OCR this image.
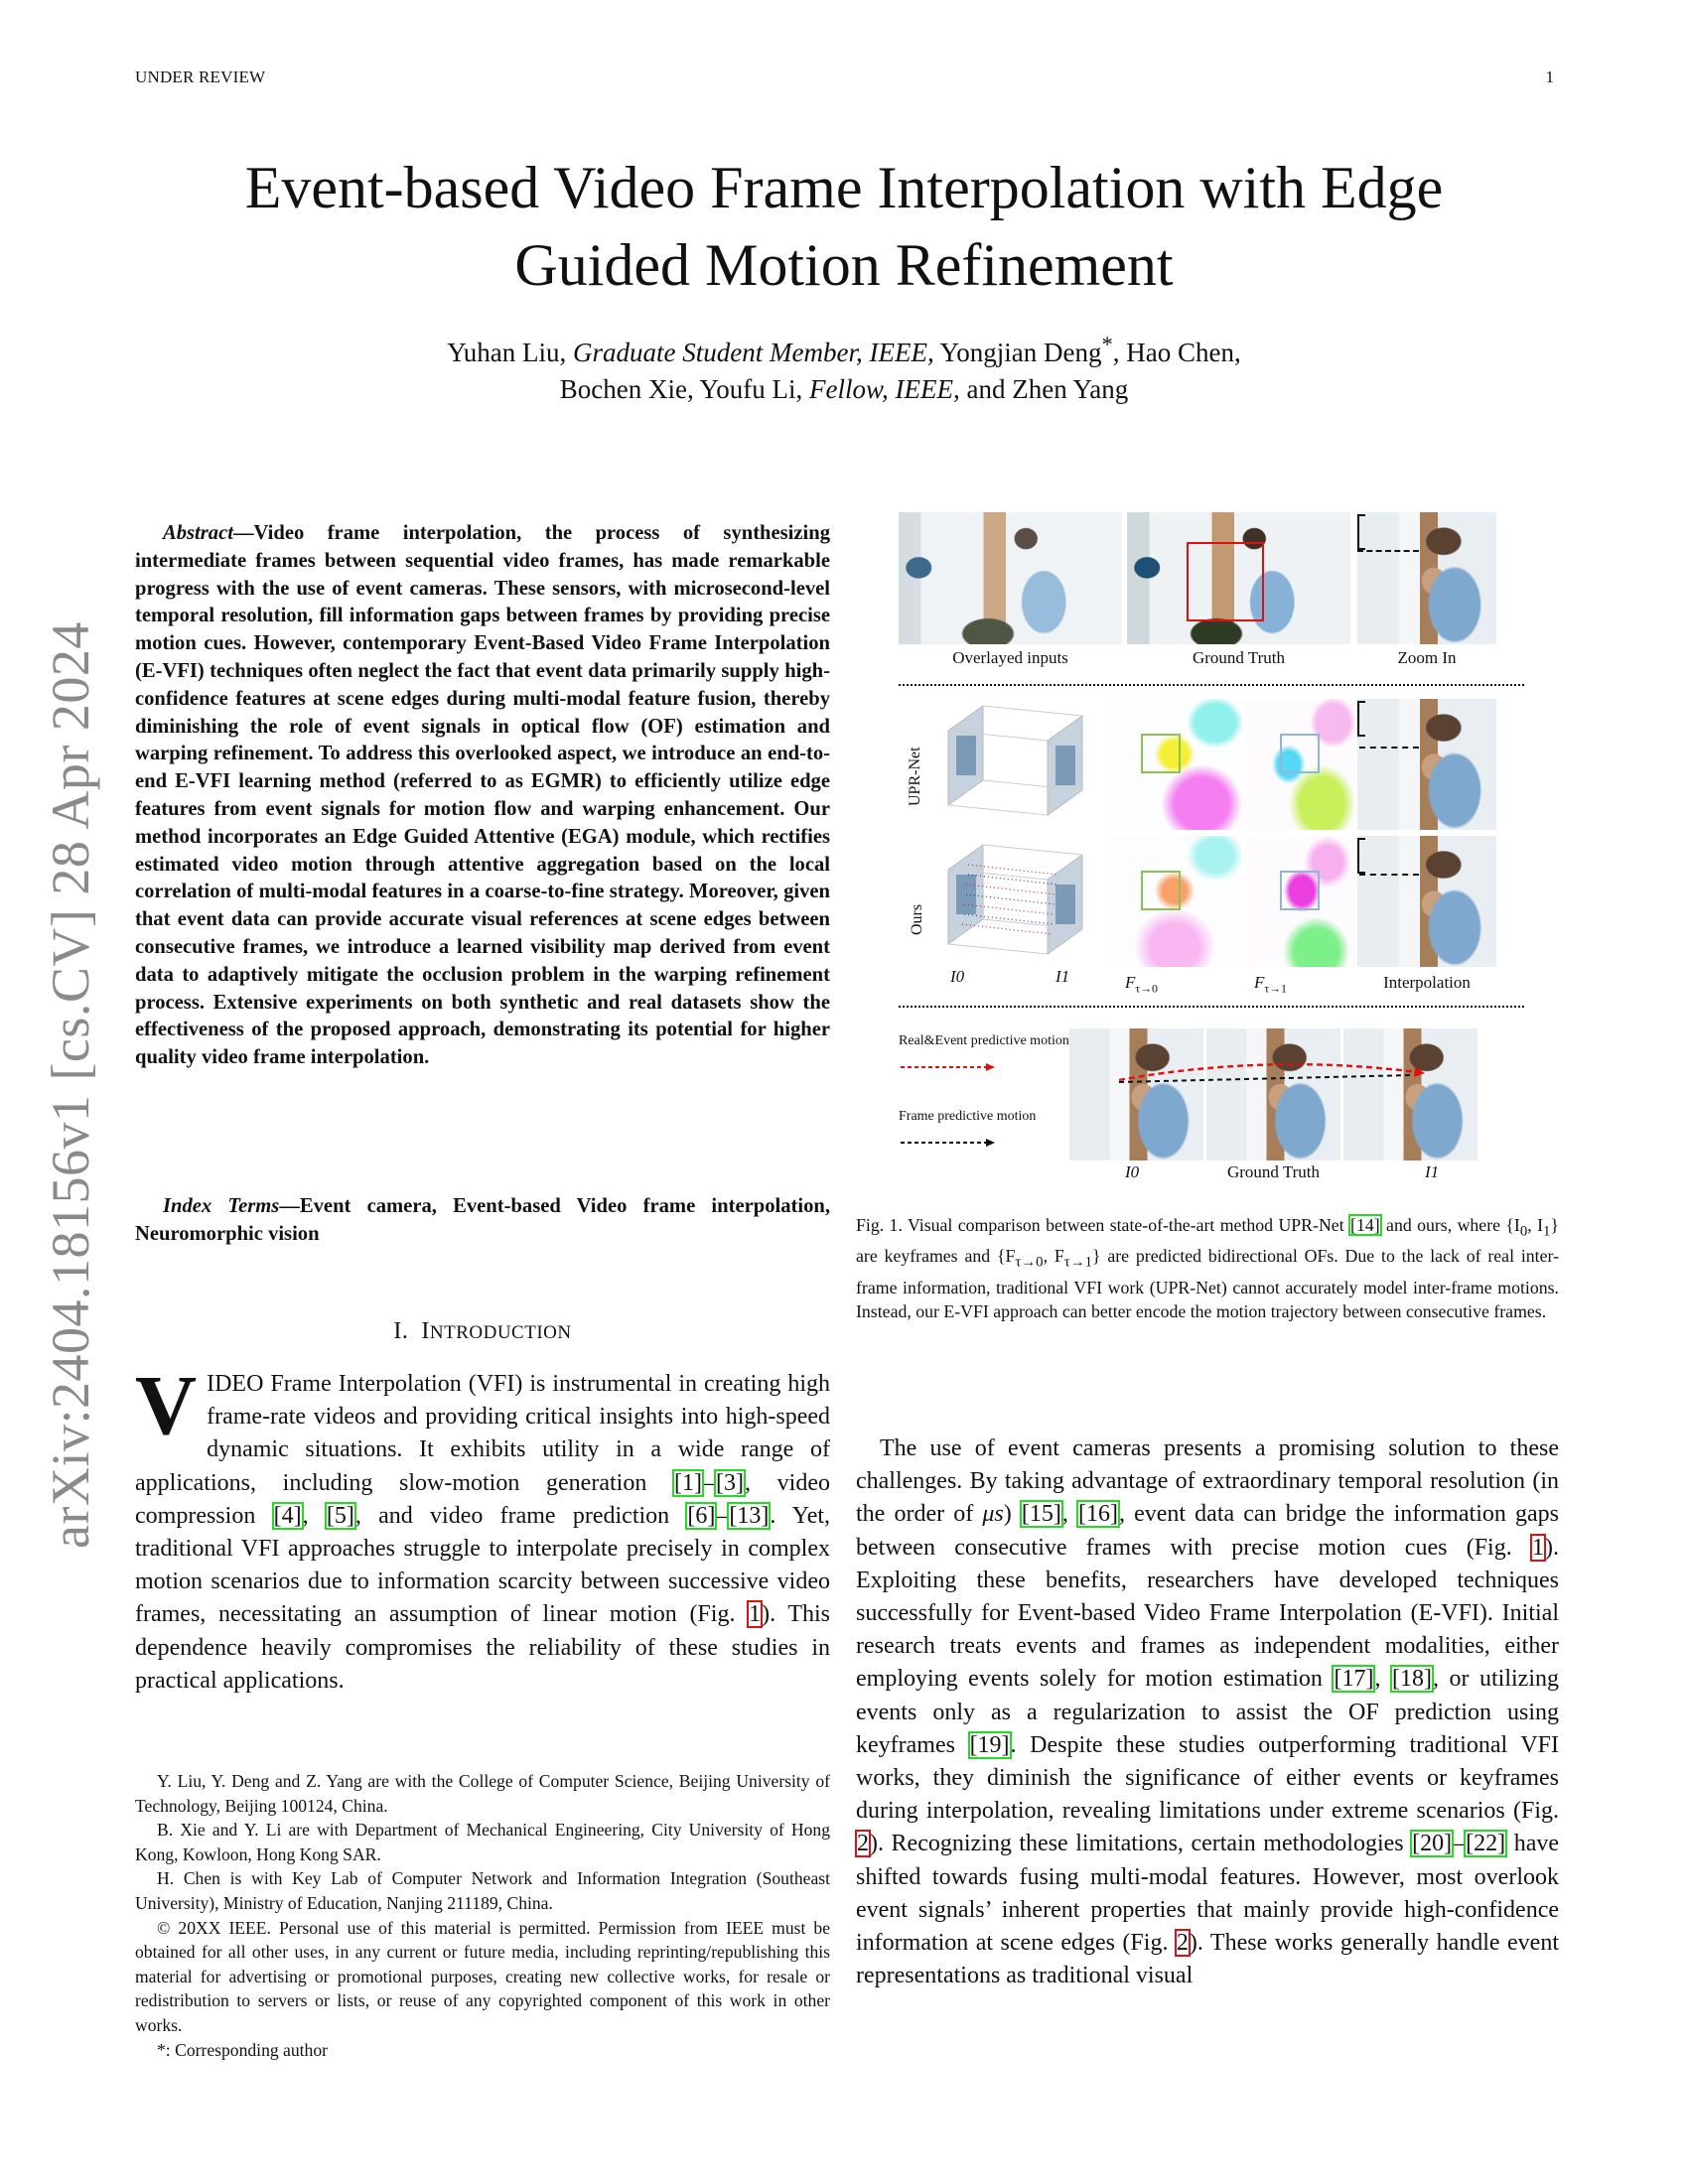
UNDER REVIEW	1
arXiv:2404.18156v1 [cs.CV] 28 Apr 2024
Event-based Video Frame Interpolation with Edge
Guided Motion Refinement
Yuhan Liu, Graduate Student Member, IEEE, Yongjian Deng*, Hao Chen,
Bochen Xie, Youfu Li, Fellow, IEEE, and Zhen Yang
Abstract—Video frame interpolation, the process of synthesizing intermediate frames between sequential video frames, has made remarkable progress with the use of event cameras. These sensors, with microsecond-level temporal resolution, fill information gaps between frames by providing precise motion cues. However, contemporary Event-Based Video Frame Interpolation (E-VFI) techniques often neglect the fact that event data primarily supply high-confidence features at scene edges during multi-modal feature fusion, thereby diminishing the role of event signals in optical flow (OF) estimation and warping refinement. To address this overlooked aspect, we introduce an end-to-end E-VFI learning method (referred to as EGMR) to efficiently utilize edge features from event signals for motion flow and warping enhancement. Our method incorporates an Edge Guided Attentive (EGA) module, which rectifies estimated video motion through attentive aggregation based on the local correlation of multi-modal features in a coarse-to-fine strategy. Moreover, given that event data can provide accurate visual references at scene edges between consecutive frames, we introduce a learned visibility map derived from event data to adaptively mitigate the occlusion problem in the warping refinement process. Extensive experiments on both synthetic and real datasets show the effectiveness of the proposed approach, demonstrating its potential for higher quality video frame interpolation.
Index Terms—Event camera, Event-based Video frame interpolation, Neuromorphic vision
I. INTRODUCTION
VIDEO Frame Interpolation (VFI) is instrumental in creating high frame-rate videos and providing critical insights into high-speed dynamic situations. It exhibits utility in a wide range of applications, including slow-motion generation [1]–[3], video compression [4], [5], and video frame prediction [6]–[13]. Yet, traditional VFI approaches struggle to interpolate precisely in complex motion scenarios due to information scarcity between successive video frames, necessitating an assumption of linear motion (Fig. 1). This dependence heavily compromises the reliability of these studies in practical applications.

Y. Liu, Y. Deng and Z. Yang are with the College of Computer Science, Beijing University of Technology, Beijing 100124, China.

B. Xie and Y. Li are with Department of Mechanical Engineering, City University of Hong Kong, Kowloon, Hong Kong SAR.

H. Chen is with Key Lab of Computer Network and Information Integration (Southeast University), Ministry of Education, Nanjing 211189, China.

© 20XX IEEE. Personal use of this material is permitted. Permission from IEEE must be obtained for all other uses, in any current or future media, including reprinting/republishing this material for advertising or promotional purposes, creating new collective works, for resale or redistribution to servers or lists, or reuse of any copyrighted component of this work in other works.

*: Corresponding author

Overlayed inputs	Ground Truth	Zoom In
UPR-Net
Ours
I0	I1	$F_{\tau\to 0}$	$F_{\tau\to 1}$	Interpolation
Real&Event predictive motion
Frame predictive motion
I0	Ground Truth	I1
Fig. 1. Visual comparison between state-of-the-art method UPR-Net [14] and ours, where {$I_0$, $I_1$} are keyframes and {$F_{\tau\to 0}$, $F_{\tau\to 1}$} are predicted bidirectional OFs. Due to the lack of real inter-frame information, traditional VFI work (UPR-Net) cannot accurately model inter-frame motions. Instead, our E-VFI approach can better encode the motion trajectory between consecutive frames.

The use of event cameras presents a promising solution to these challenges. By taking advantage of extraordinary temporal resolution (in the order of μs) [15], [16], event data can bridge the information gaps between consecutive frames with precise motion cues (Fig. 1). Exploiting these benefits, researchers have developed techniques successfully for Event-based Video Frame Interpolation (E-VFI). Initial research treats events and frames as independent modalities, either employing events solely for motion estimation [17], [18], or utilizing events only as a regularization to assist the OF prediction using keyframes [19]. Despite these studies outperforming traditional VFI works, they diminish the significance of either events or keyframes during interpolation, revealing limitations under extreme scenarios (Fig. 2). Recognizing these limitations, certain methodologies [20]–[22] have shifted towards fusing multi-modal features. However, most overlook event signals’ inherent properties that mainly provide high-confidence information at scene edges (Fig. 2). These works generally handle event representations as traditional visual
